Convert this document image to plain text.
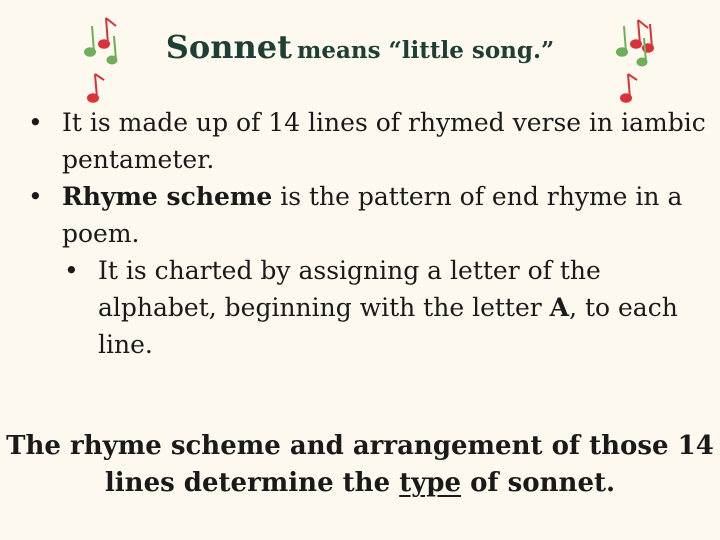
Sonnet means “little song.”
• It is made up of 14 lines of rhymed verse in iambic pentameter.
• Rhyme scheme is the pattern of end rhyme in a poem.
• It is charted by assigning a letter of the alphabet, beginning with the letter A, to each line.
The rhyme scheme and arrangement of those 14 lines determine the type of sonnet.
